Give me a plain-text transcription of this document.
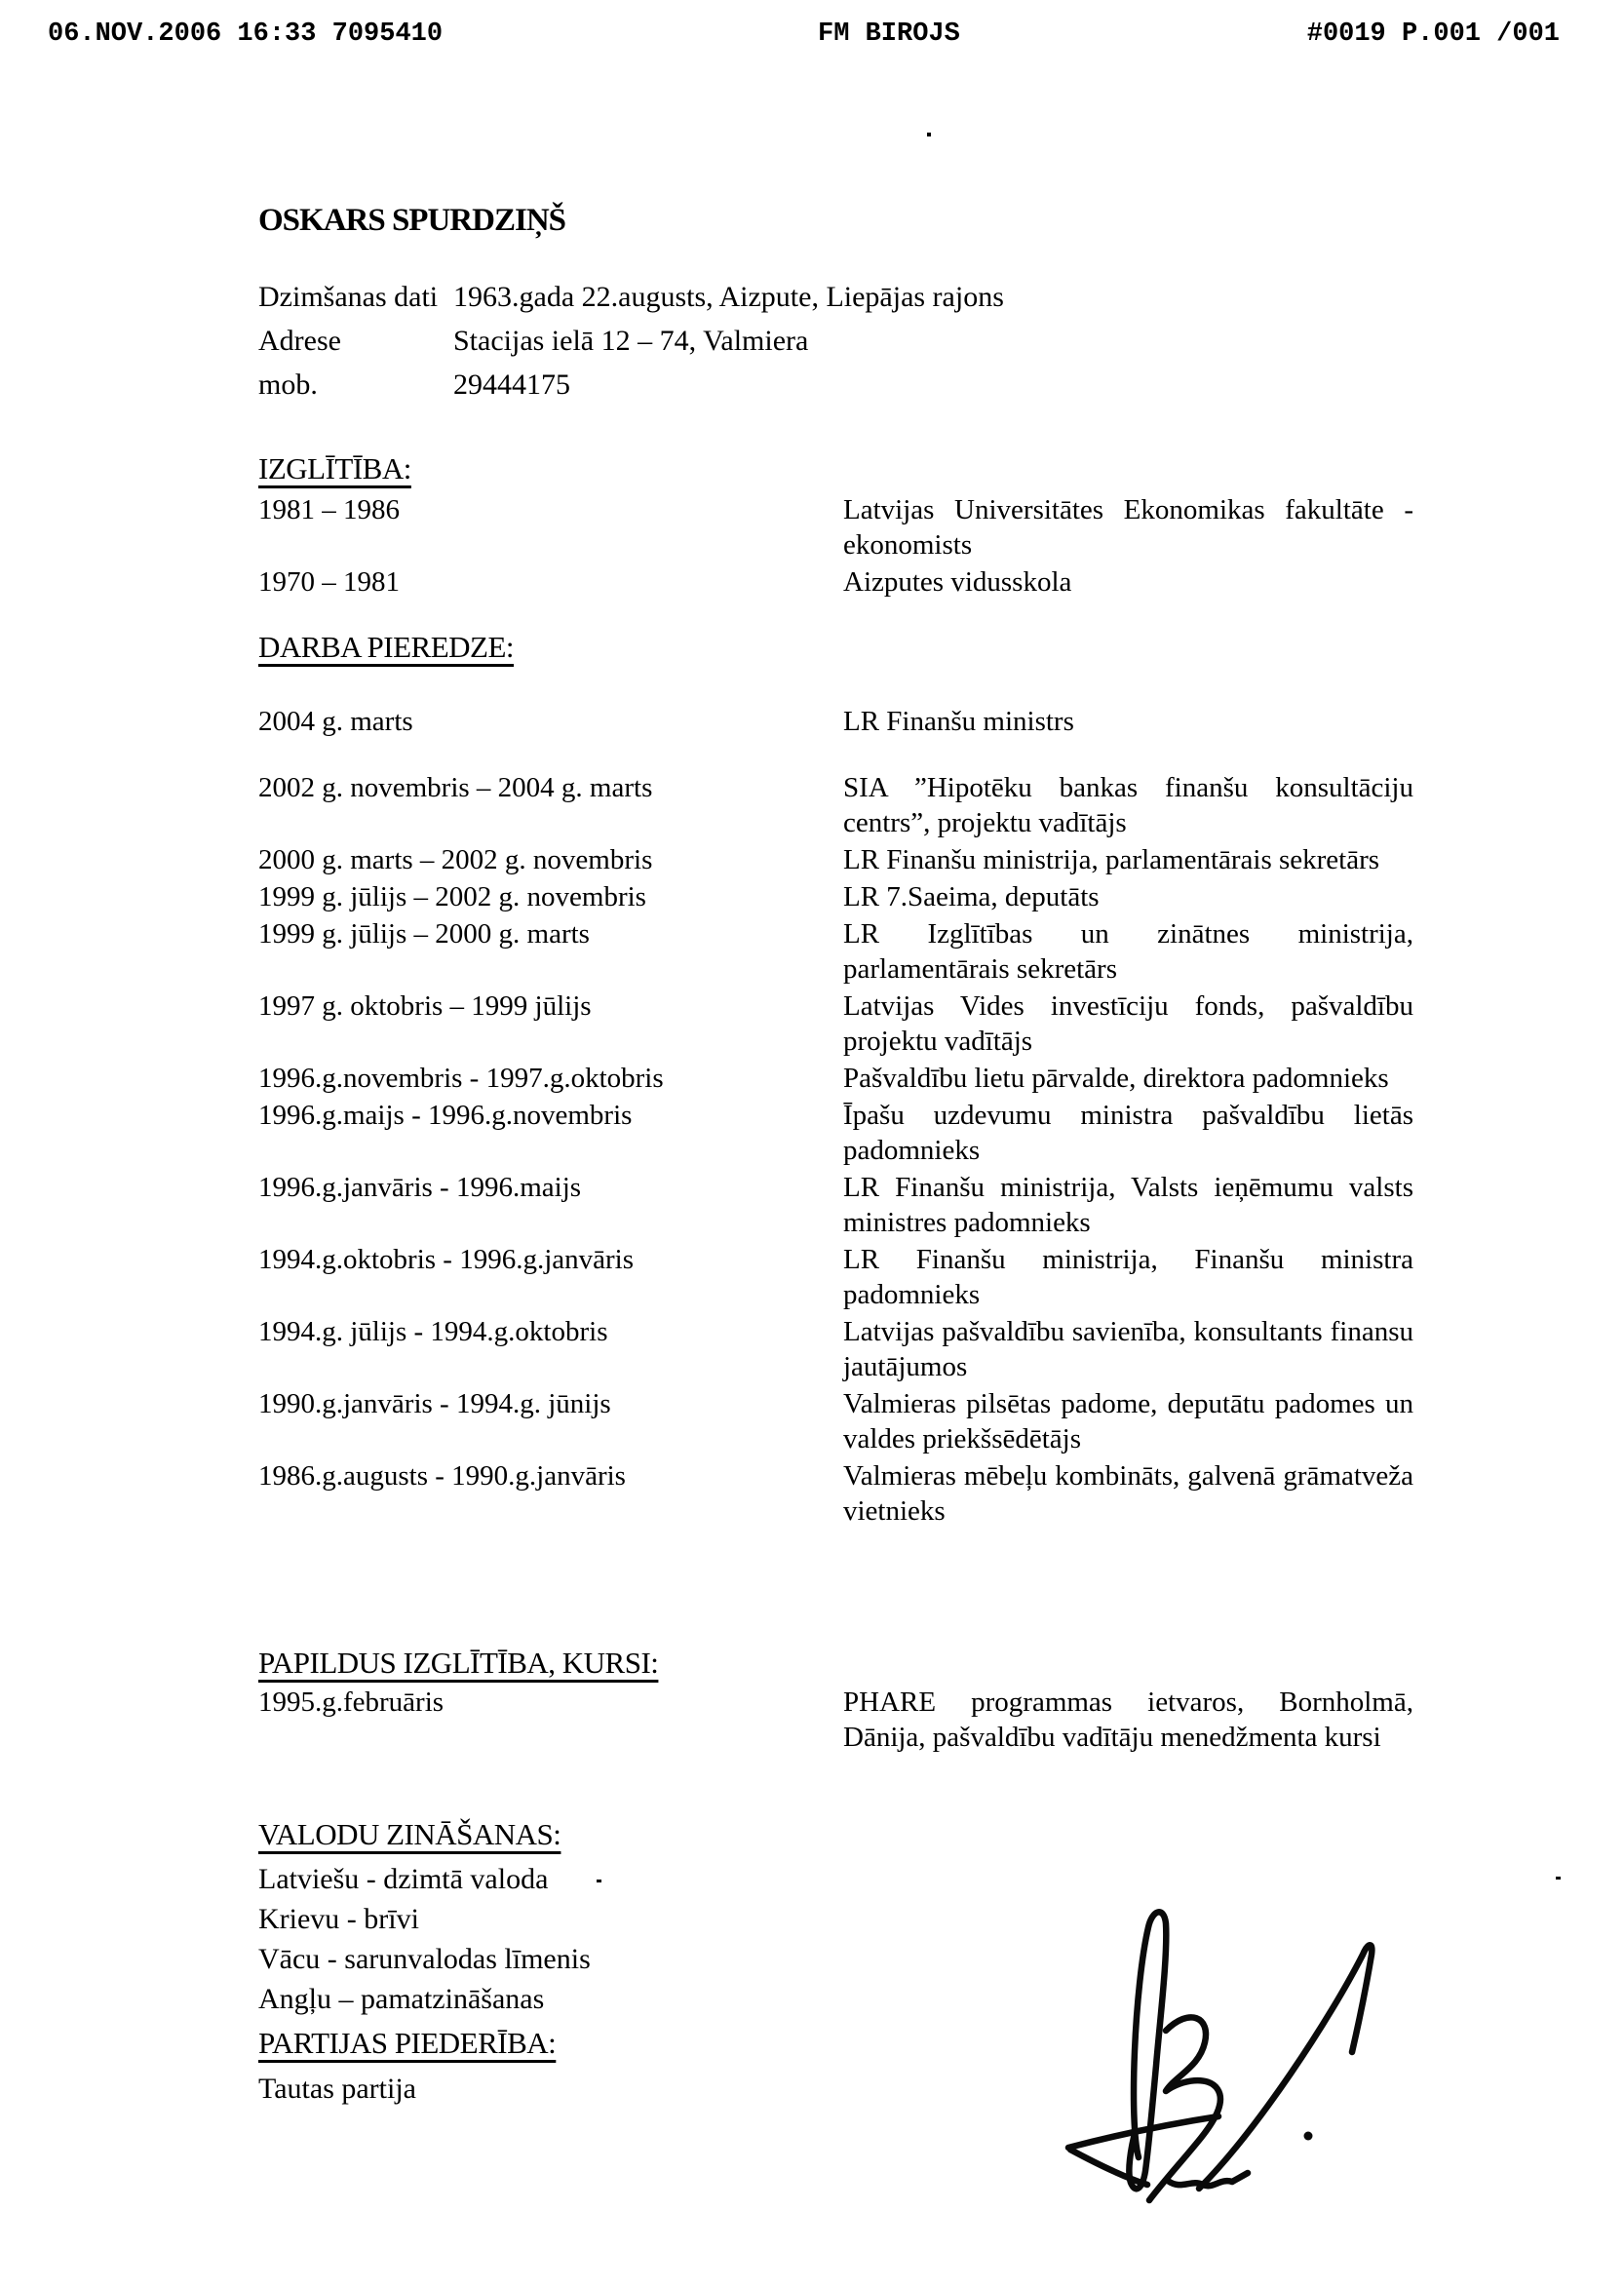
06.NOV.2006 16:33 7095410

	FM BIROJS

	#0019 P.001 /001

OSKARS SPURDZIŅŠ
Dzimšanas dati 1963.gada 22.augusts, Aizpute, Liepājas rajons
Adrese	Stacijas ielā 12 – 74, Valmiera
mob.	29444175
IZGLĪTĪBA:
1981 – 1986	Latvijas Universitātes Ekonomikas fakultāte - ekonomists
1970 – 1981	Aizputes vidusskola
DARBA PIEREDZE:
2004 g. marts	LR Finanšu ministrs
2002 g. novembris – 2004 g. marts	SIA ”Hipotēku bankas finanšu konsultāciju centrs”, projektu vadītājs
2000 g. marts – 2002 g. novembris	LR Finanšu ministrija, parlamentārais sekretārs
1999 g. jūlijs – 2002 g. novembris	LR 7.Saeima, deputāts
1999 g. jūlijs – 2000 g. marts	LR Izglītības un zinātnes ministrija, parlamentārais sekretārs
1997 g. oktobris – 1999 jūlijs	Latvijas Vides investīciju fonds, pašvaldību projektu vadītājs
1996.g.novembris - 1997.g.oktobris	Pašvaldību lietu pārvalde, direktora padomnieks
1996.g.maijs - 1996.g.novembris	Īpašu uzdevumu ministra pašvaldību lietās padomnieks
1996.g.janvāris - 1996.maijs	LR Finanšu ministrija, Valsts ieņēmumu valsts ministres padomnieks
1994.g.oktobris - 1996.g.janvāris	LR Finanšu ministrija, Finanšu ministra padomnieks
1994.g. jūlijs - 1994.g.oktobris	Latvijas pašvaldību savienība, konsultants finansu jautājumos
1990.g.janvāris - 1994.g. jūnijs	Valmieras pilsētas padome, deputātu padomes un valdes priekšsēdētājs
1986.g.augusts - 1990.g.janvāris	Valmieras mēbeļu kombināts, galvenā grāmatveža vietnieks
PAPILDUS IZGLĪTĪBA, KURSI:
1995.g.februāris	PHARE programmas ietvaros, Bornholmā, Dānija, pašvaldību vadītāju menedžmenta kursi
VALODU ZINĀŠANAS:
Latviešu - dzimtā valoda
Krievu - brīvi
Vācu - sarunvalodas līmenis
Angļu – pamatzināšanas
PARTIJAS PIEDERĪBA:
Tautas partija
